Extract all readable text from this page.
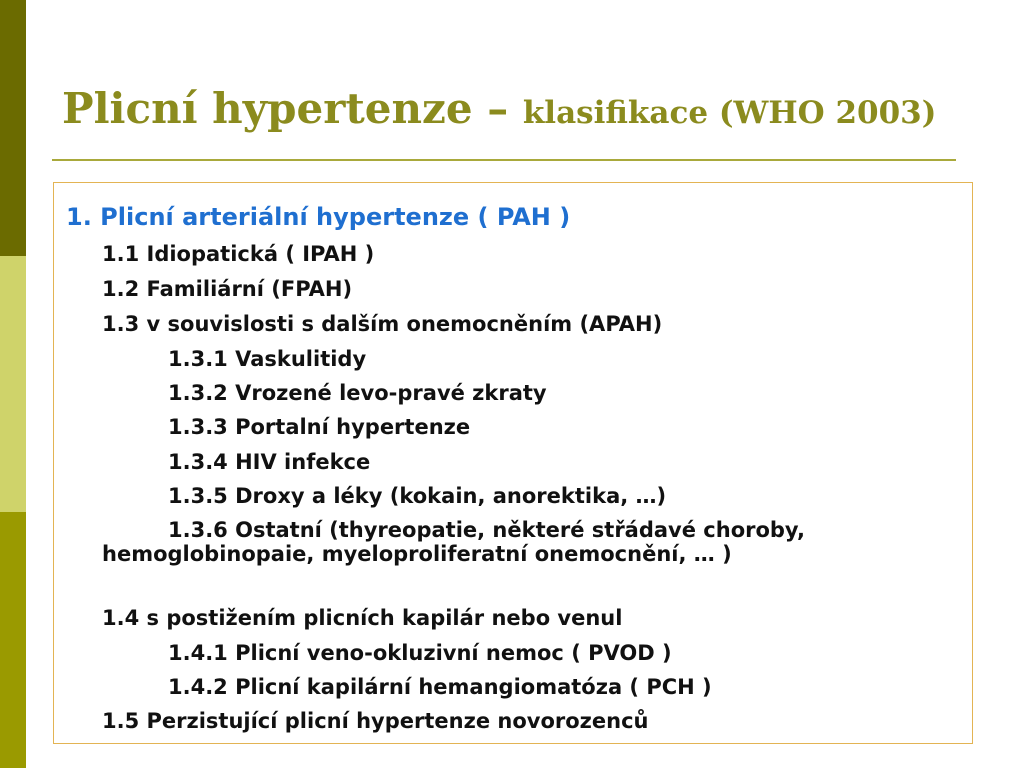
Plicní hypertenze – klasifikace (WHO 2003)
1. Plicní arteriální hypertenze ( PAH )
1.1 Idiopatická ( IPAH )
1.2 Familiární (FPAH)
1.3 v souvislosti s dalším onemocněním (APAH)
1.3.1 Vaskulitidy
1.3.2 Vrozené levo-pravé zkraty
1.3.3 Portalní hypertenze
1.3.4 HIV infekce
1.3.5 Droxy a léky (kokain, anorektika, …)
1.3.6 Ostatní (thyreopatie, některé střádavé choroby, hemoglobinopaie, myeloproliferatní onemocnění, … )
1.4 s postižením plicních kapilár nebo venul
1.4.1 Plicní veno-okluzivní nemoc ( PVOD )
1.4.2 Plicní kapilární hemangiomatóza ( PCH )
1.5 Perzistující plicní hypertenze novorozenců
